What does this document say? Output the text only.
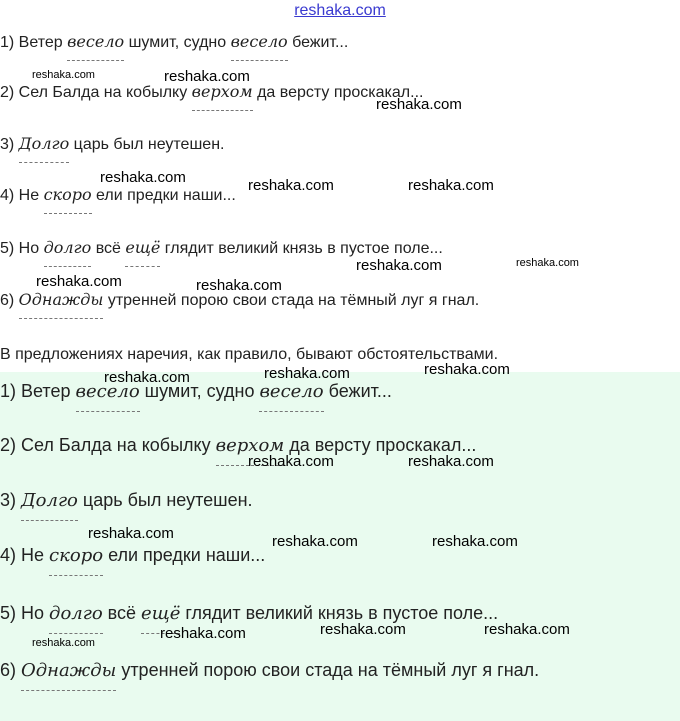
reshaka.com
1) Ветер весело шумит, судно весело бежит...
2) Сел Балда на кобылку верхом да версту проскакал...
3) Долго царь был неутешен.
4) Не скоро ели предки наши...
5) Но долго всё ещё глядит великий князь в пустое поле...
6) Однажды утренней порою свои стада на тёмный луг я гнал.
В предложениях наречия, как правило, бывают обстоятельствами.
1) Ветер весело шумит, судно весело бежит...
2) Сел Балда на кобылку верхом да версту проскакал...
3) Долго царь был неутешен.
4) Не скоро ели предки наши...
5) Но долго всё ещё глядит великий князь в пустое поле...
6) Однажды утренней порою свои стада на тёмный луг я гнал.
reshaka.com	reshaka.com
reshaka.com
reshaka.com	reshaka.com	reshaka.com
reshaka.com	reshaka.com
reshaka.com	reshaka.com
reshaka.com	reshaka.com	reshaka.com
reshaka.com	reshaka.com
reshaka.com	reshaka.com	reshaka.com
reshaka.com	reshaka.com
reshaka.com
reshaka.com
